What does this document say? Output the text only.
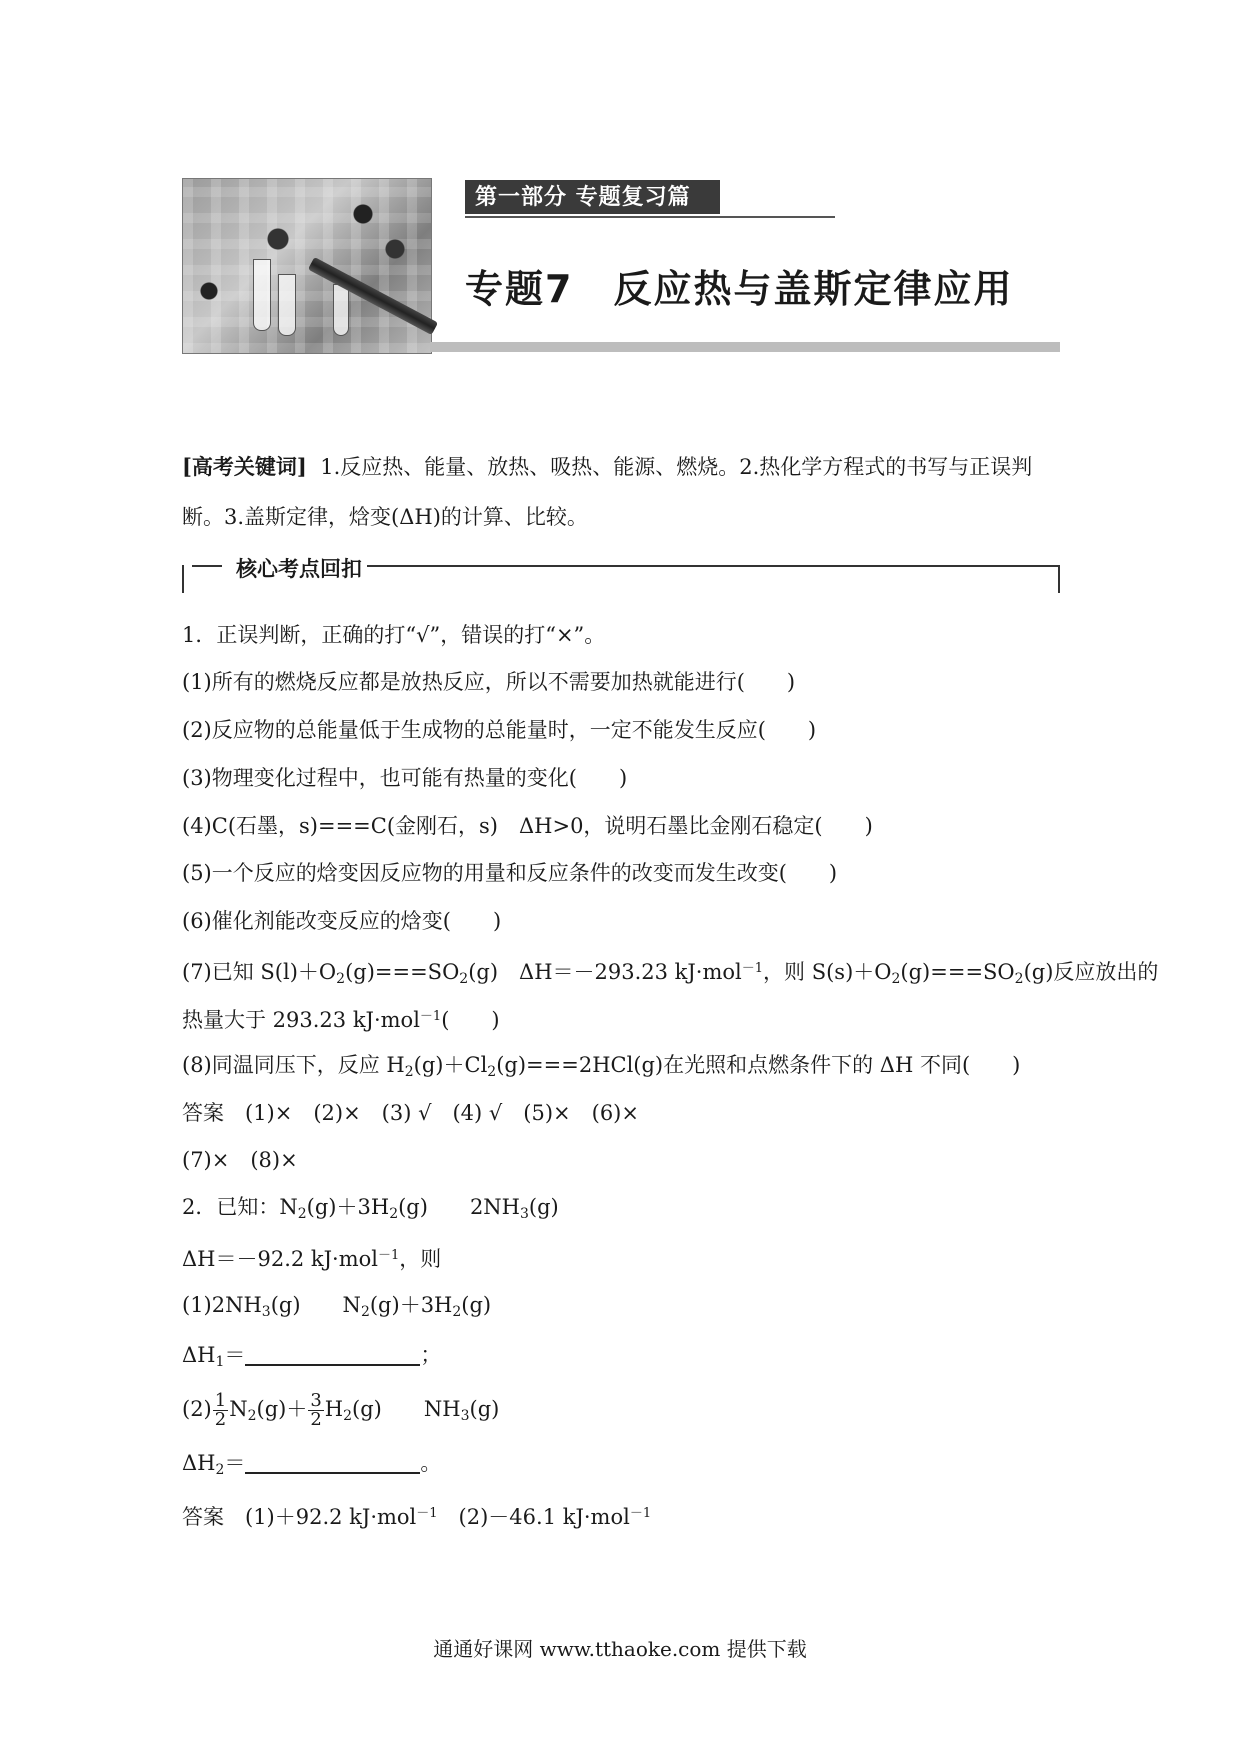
第一部分 专题复习篇
专题7　反应热与盖斯定律应用
[高考关键词] 1.反应热、能量、放热、吸热、能源、燃烧。2.热化学方程式的书写与正误判
断。3.盖斯定律，焓变(ΔH)的计算、比较。
核心考点回扣
1．正误判断，正确的打“√”，错误的打“×”。
(1)所有的燃烧反应都是放热反应，所以不需要加热就能进行(　　)
(2)反应物的总能量低于生成物的总能量时，一定不能发生反应(　　)
(3)物理变化过程中，也可能有热量的变化(　　)
(4)C(石墨，s)===C(金刚石，s)　ΔH>0，说明石墨比金刚石稳定(　　)
(5)一个反应的焓变因反应物的用量和反应条件的改变而发生改变(　　)
(6)催化剂能改变反应的焓变(　　)
(7)已知 $S(l)+O_2(g)===SO_2(g)$　ΔH＝－293.23 kJ·mol$^{-1}$，则 $S(s)+O_2(g)===SO_2(g)$反应放出的
热量大于 293.23 kJ·mol$^{-1}$(　　)
(8)同温同压下，反应 $H_2(g)+Cl_2(g)===2HCl(g)$在光照和点燃条件下的 ΔH 不同(　　)
答案　(1)×　(2)×　(3) √　(4) √　(5)×　(6)×
(7)×　(8)×
2．已知：$N_2(g)+3H_2(g)$　　$2NH_3(g)$
ΔH＝－92.2 kJ·mol$^{-1}$，则
$(1)2NH_3(g)$　　$N_2(g)+3H_2(g)$
$\Delta H_1=$	；
$(2) \frac{1}{2} N_2(g)+ \frac{3}{2} H_2(g)$　　$NH_3(g)$
$\Delta H_2=$	。
答案　(1)＋92.2 kJ·mol$^{-1}$　(2)－46.1 kJ·mol$^{-1}$
通通好课网 www.tthaoke.com 提供下载
